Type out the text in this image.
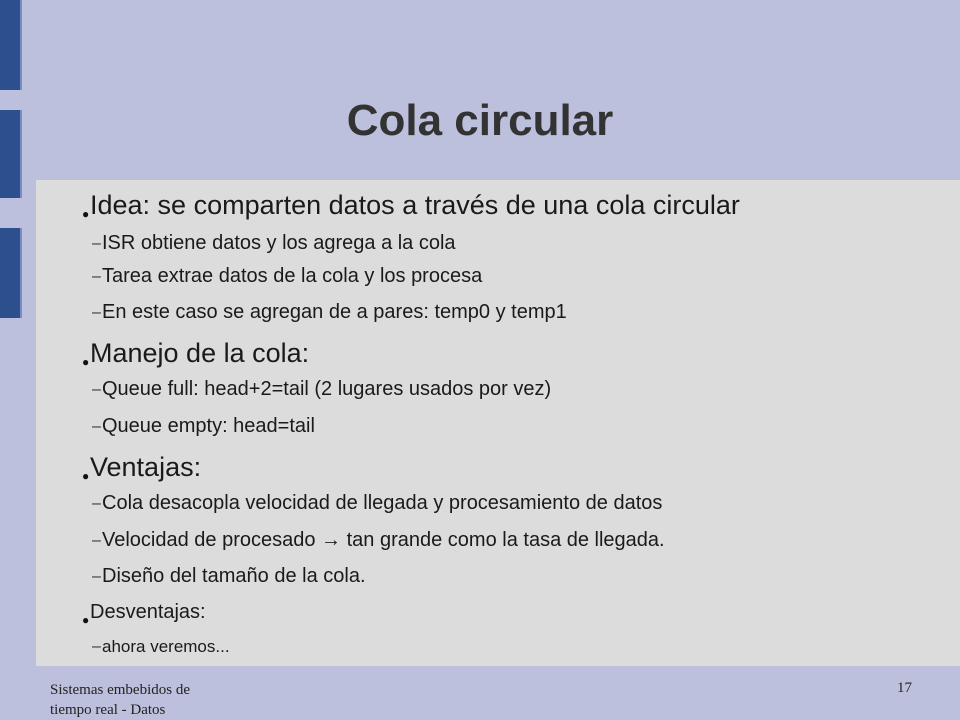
Cola circular
● Idea: se comparten datos a través de una cola circular
– ISR obtiene datos y los agrega a la cola
– Tarea extrae datos de la cola y los procesa
– En este caso se agregan de a pares: temp0 y temp1
● Manejo de la cola:
– Queue full: head+2=tail (2 lugares usados por vez)
– Queue empty: head=tail
● Ventajas:
– Cola desacopla velocidad de llegada y procesamiento de datos
– Velocidad de procesado → tan grande como la tasa de llegada.
– Diseño del tamaño de la cola.
● Desventajas:
– ahora veremos...
Sistemas embebidos de
tiempo real - Datos
17
